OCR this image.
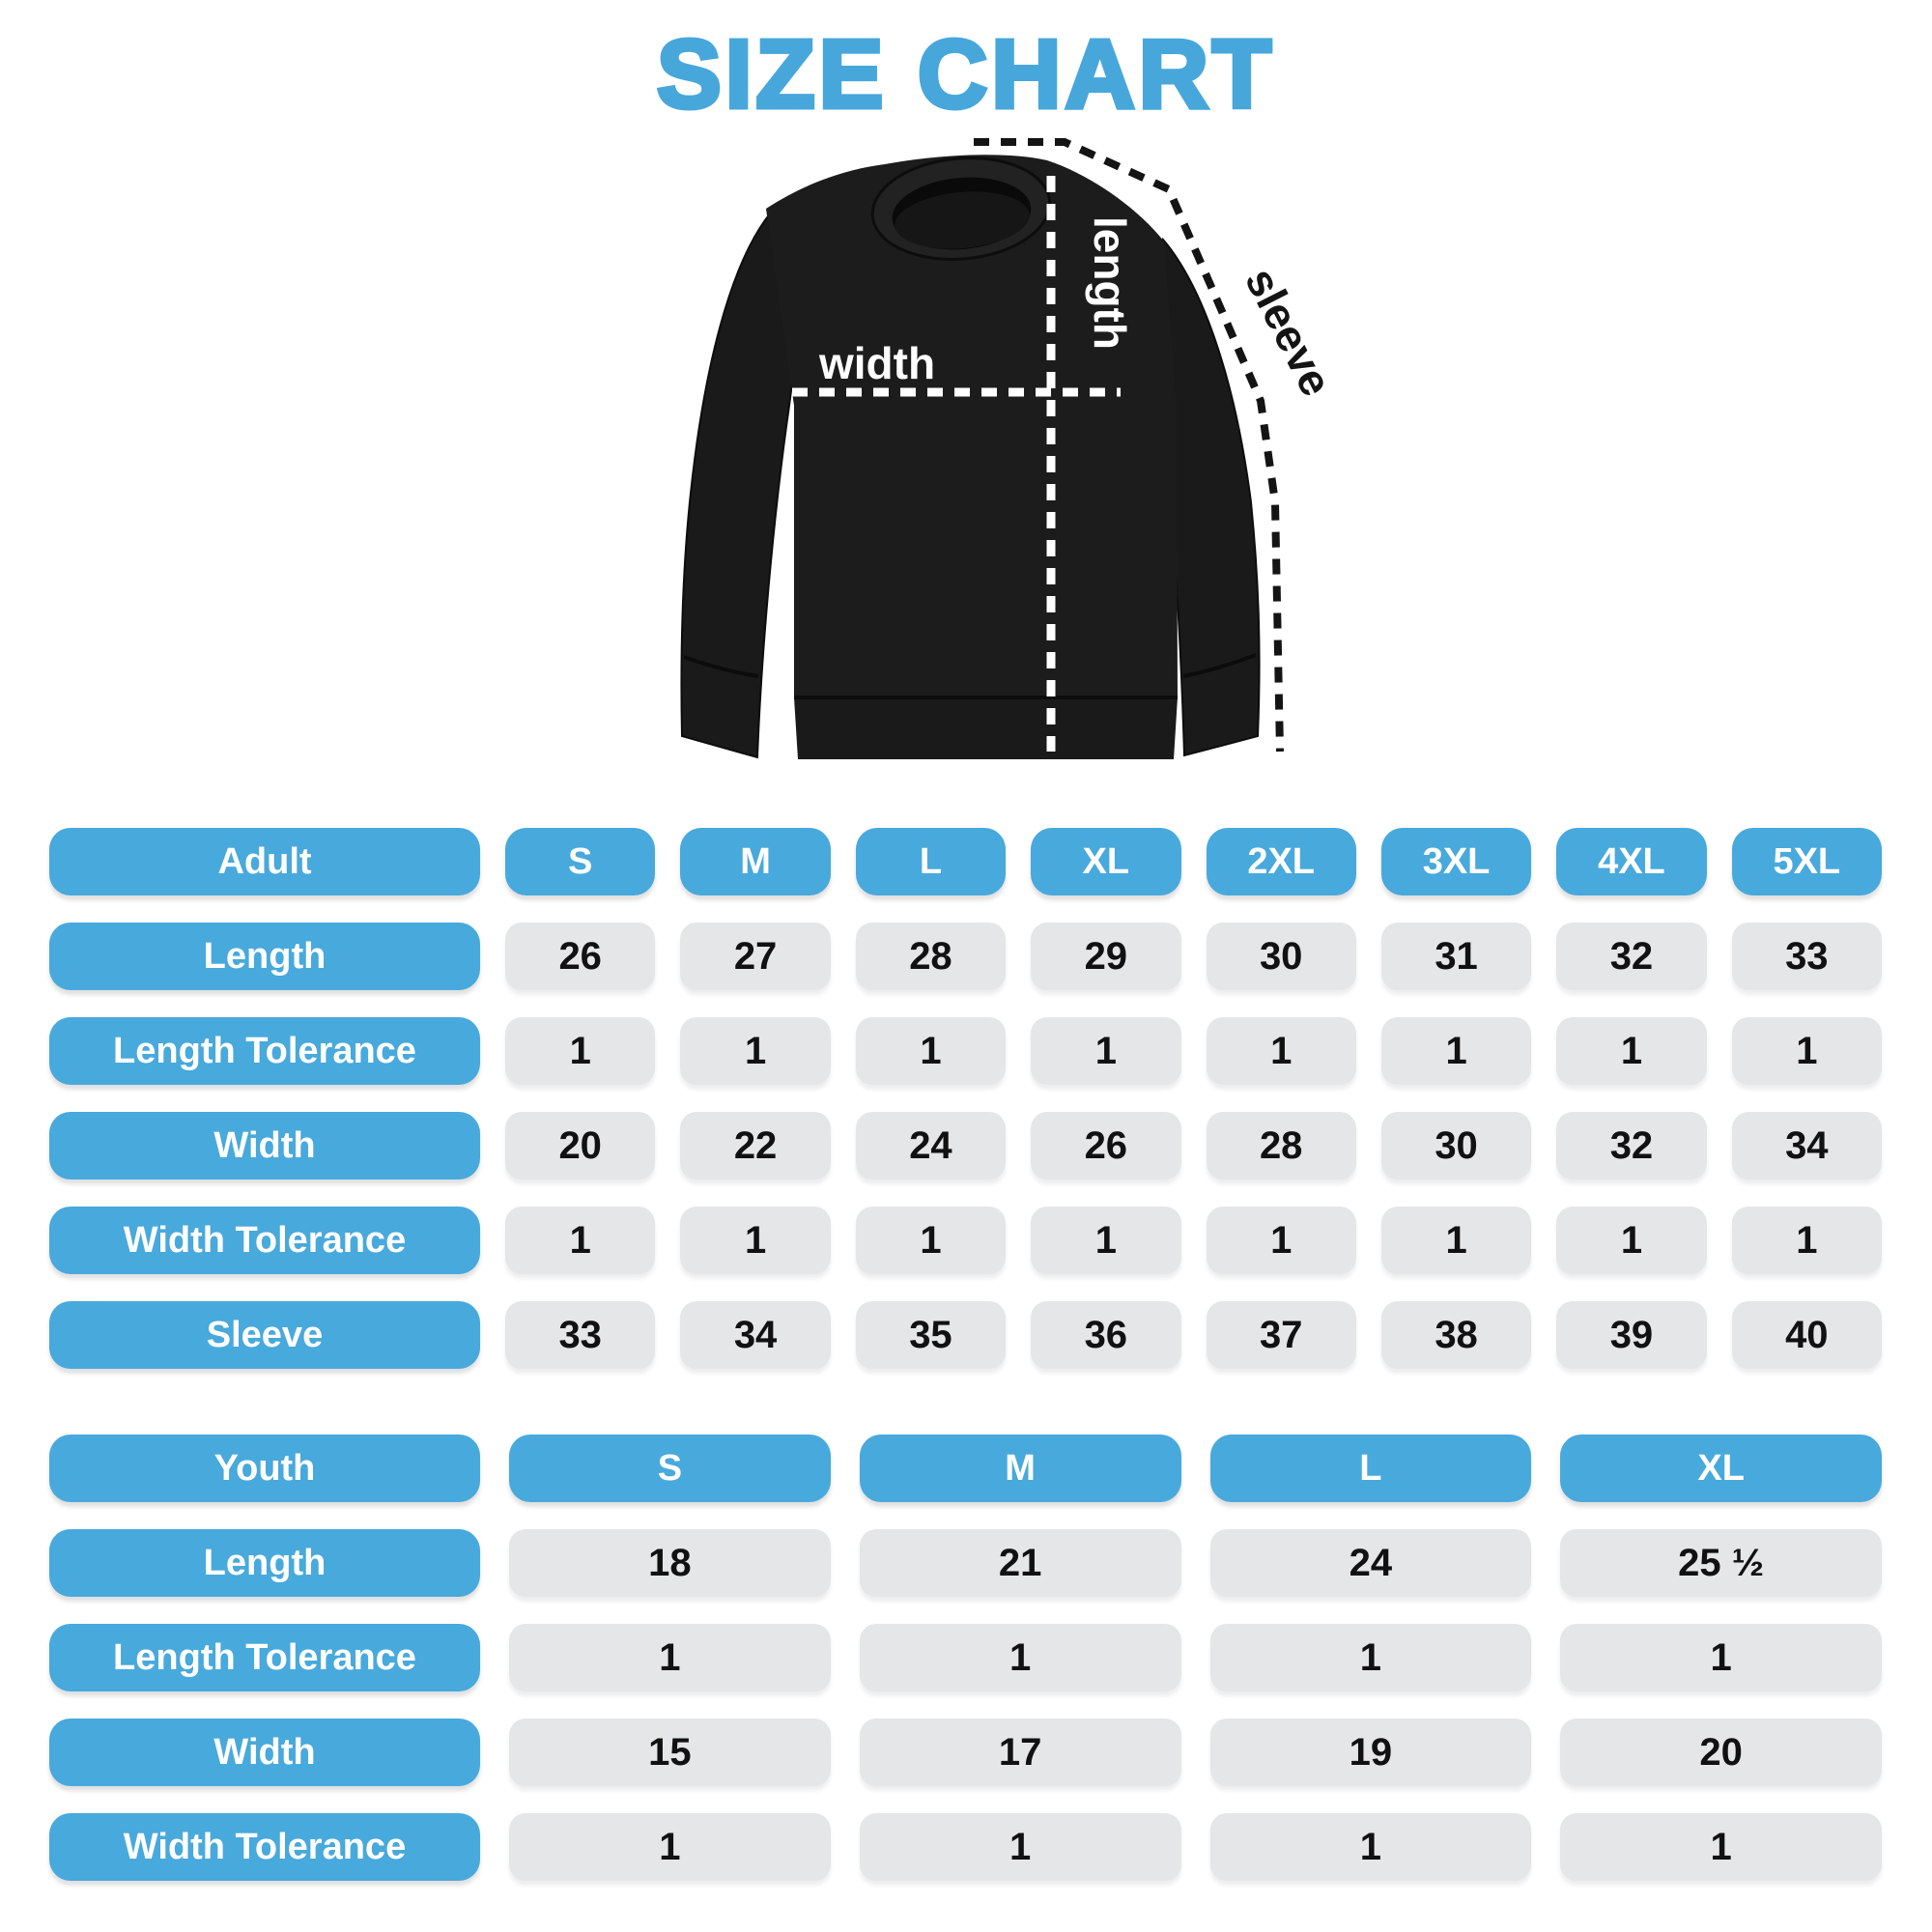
SIZE CHART
length
width	sleeve
Adult	S	M	L	XL	2XL	3XL	4XL	5XL
Length	26	27	28	29	30	31	32	33
Length Tolerance	1	1	1	1	1	1	1	1
Width	20	22	24	26	28	30	32	34
Width Tolerance	1	1	1	1	1	1	1	1
Sleeve	33	34	35	36	37	38	39	40
Youth	S	M	L	XL
Length	18	21	24	25 ½
Length Tolerance	1	1	1	1
Width	15	17	19	20
Width Tolerance	1	1	1	1
